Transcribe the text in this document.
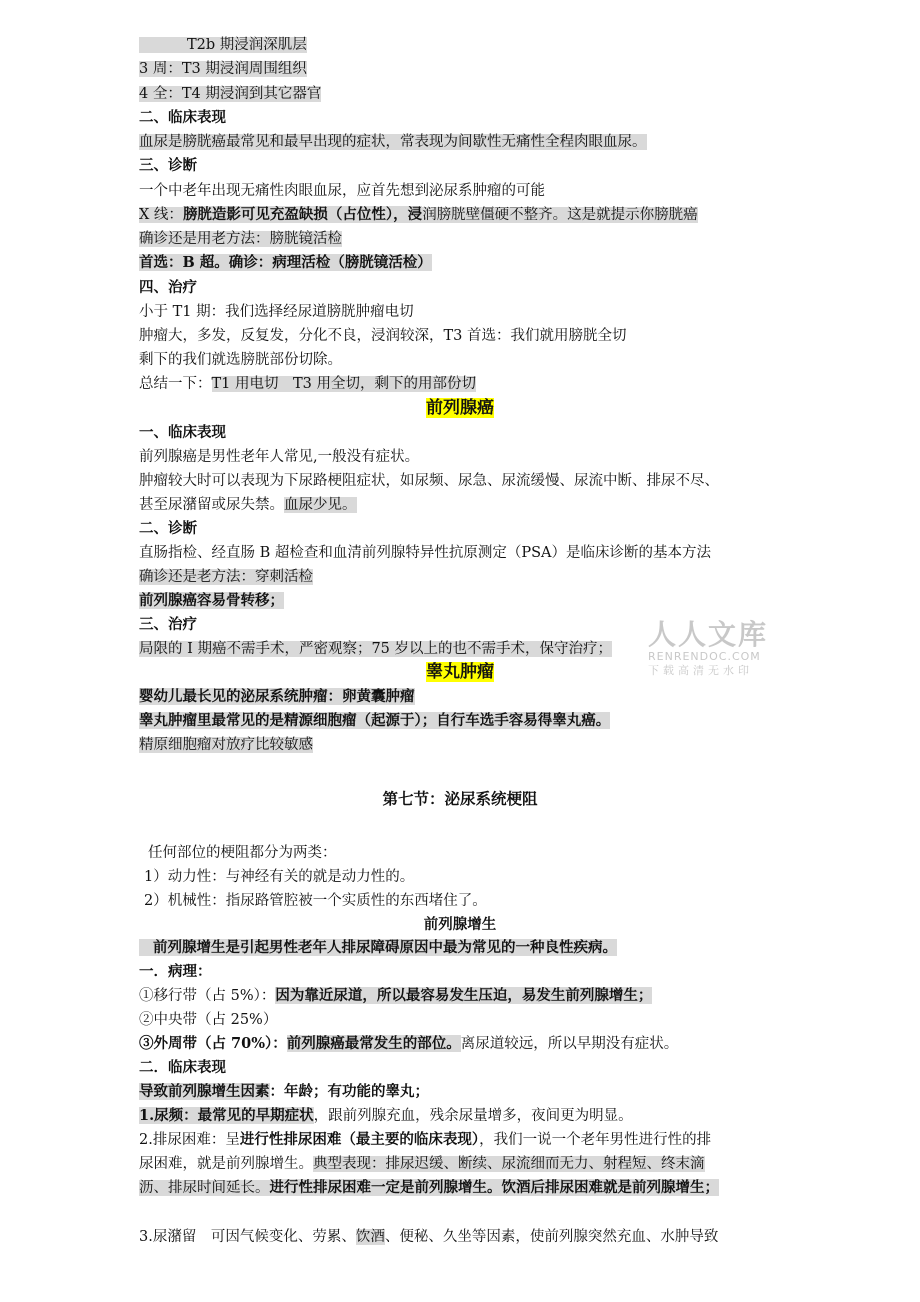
T2b 期浸润深肌层
3 周：T3 期浸润周围组织
4 全：T4 期浸润到其它器官
二、临床表现
血尿是膀胱癌最常见和最早出现的症状，常表现为间歇性无痛性全程肉眼血尿。
三、诊断
一个中老年出现无痛性肉眼血尿，应首先想到泌尿系肿瘤的可能
X 线：膀胱造影可见充盈缺损（占位性），浸润膀胱壁僵硬不整齐。这是就提示你膀胱癌
确诊还是用老方法：膀胱镜活检
首选：B 超。确诊：病理活检（膀胱镜活检）
四、治疗
小于 T1 期：我们选择经尿道膀胱肿瘤电切
肿瘤大，多发，反复发，分化不良，浸润较深，T3 首选：我们就用膀胱全切
剩下的我们就选膀胱部份切除。
总结一下：T1 用电切　T3 用全切，剩下的用部份切
前列腺癌
一、临床表现
前列腺癌是男性老年人常见,一般没有症状。
肿瘤较大时可以表现为下尿路梗阻症状，如尿频、尿急、尿流缓慢、尿流中断、排尿不尽、
甚至尿潴留或尿失禁。血尿少见。
二、诊断
直肠指检、经直肠 B 超检查和血清前列腺特异性抗原测定（PSA）是临床诊断的基本方法
确诊还是老方法：穿刺活检
前列腺癌容易骨转移；
三、治疗
局限的 I 期癌不需手术，严密观察；75 岁以上的也不需手术，保守治疗；
睾丸肿瘤
婴幼儿最长见的泌尿系统肿瘤：卵黄囊肿瘤
睾丸肿瘤里最常见的是精源细胞瘤（起源于）；自行车选手容易得睾丸癌。
精原细胞瘤对放疗比较敏感
第七节：泌尿系统梗阻
任何部位的梗阻都分为两类：
1）动力性：与神经有关的就是动力性的。
2）机械性：指尿路管腔被一个实质性的东西堵住了。
前列腺增生
前列腺增生是引起男性老年人排尿障碍原因中最为常见的一种良性疾病。
一．病理：
①移行带（占 5%）：因为靠近尿道，所以最容易发生压迫，易发生前列腺增生；
②中央带（占 25%）
③外周带（占 70%）：前列腺癌最常发生的部位。离尿道较远，所以早期没有症状。
二．临床表现
导致前列腺增生因素：年龄；有功能的睾丸；
1.尿频：最常见的早期症状，跟前列腺充血，残余尿量增多，夜间更为明显。
2.排尿困难：呈进行性排尿困难（最主要的临床表现），我们一说一个老年男性进行性的排
尿困难，就是前列腺增生。典型表现：排尿迟缓、断续、尿流细而无力、射程短、终末滴
沥、排尿时间延长。进行性排尿困难一定是前列腺增生。饮酒后排尿困难就是前列腺增生；
3.尿潴留　可因气候变化、劳累、饮酒、便秘、久坐等因素，使前列腺突然充血、水肿导致
人人文库
RENRENDOC.COM
下载高清无水印
